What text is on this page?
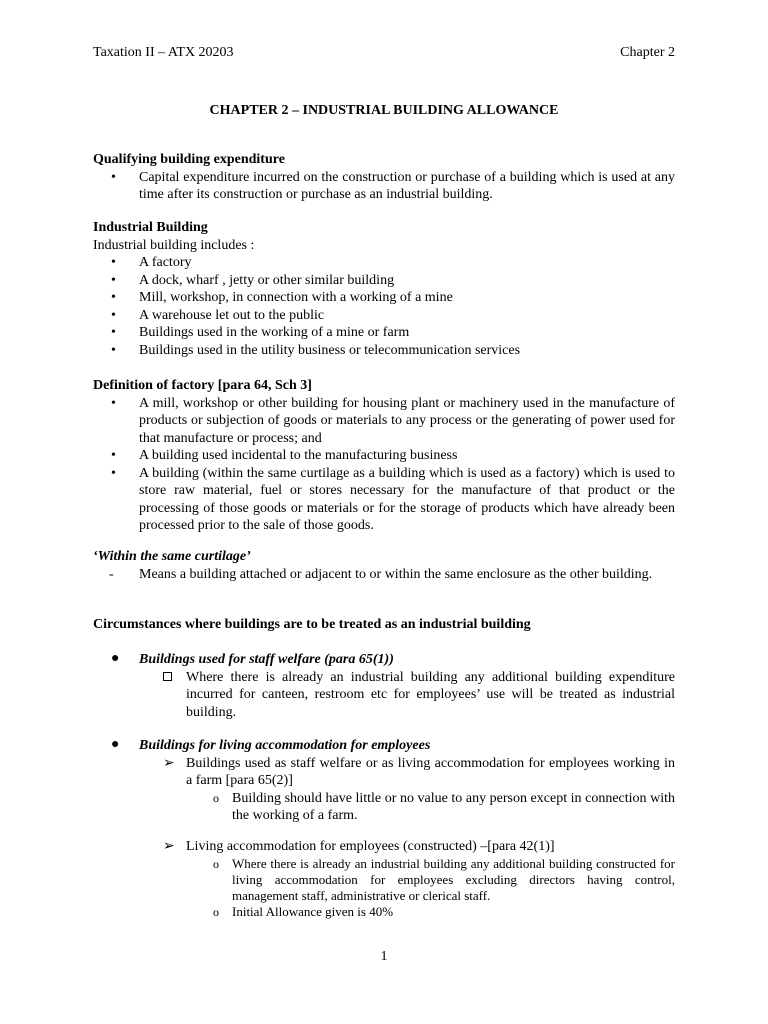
Taxation II – ATX 20203	Chapter 2
CHAPTER 2 – INDUSTRIAL BUILDING ALLOWANCE
Qualifying building expenditure
• Capital expenditure incurred on the construction or purchase of a building which is used at any time after its construction or purchase as an industrial building.
Industrial Building
Industrial building includes :
• A factory
• A dock, wharf , jetty or other similar building
• Mill, workshop, in connection with a working of a mine
• A warehouse let out to the public
• Buildings used in the working of a mine or farm
• Buildings used in the utility business or telecommunication services
Definition of factory [para 64, Sch 3]
• A mill, workshop or other building for housing plant or machinery used in the manufacture of products or subjection of goods or materials to any process or the generating of power used for that manufacture or process; and
• A building used incidental to the manufacturing business
• A building (within the same curtilage as a building which is used as a factory) which is used to store raw material, fuel or stores necessary for the manufacture of that product or the processing of those goods or materials or for the storage of products which have already been processed prior to the sale of those goods.
‘Within the same curtilage’
- Means a building attached or adjacent to or within the same enclosure as the other building.
Circumstances where buildings are to be treated as an industrial building
● Buildings used for staff welfare (para 65(1))
Where there is already an industrial building any additional building expenditure incurred for canteen, restroom etc for employees’ use will be treated as industrial building.
● Buildings for living accommodation for employees
➢ Buildings used as staff welfare or as living accommodation for employees working in a farm [para 65(2)]
o Building should have little or no value to any person except in connection with the working of a farm.
➢ Living accommodation for employees (constructed) –[para 42(1)]
o Where there is already an industrial building any additional building constructed for living accommodation for employees excluding directors having control, management staff, administrative or clerical staff.
o Initial Allowance given is 40%
1
